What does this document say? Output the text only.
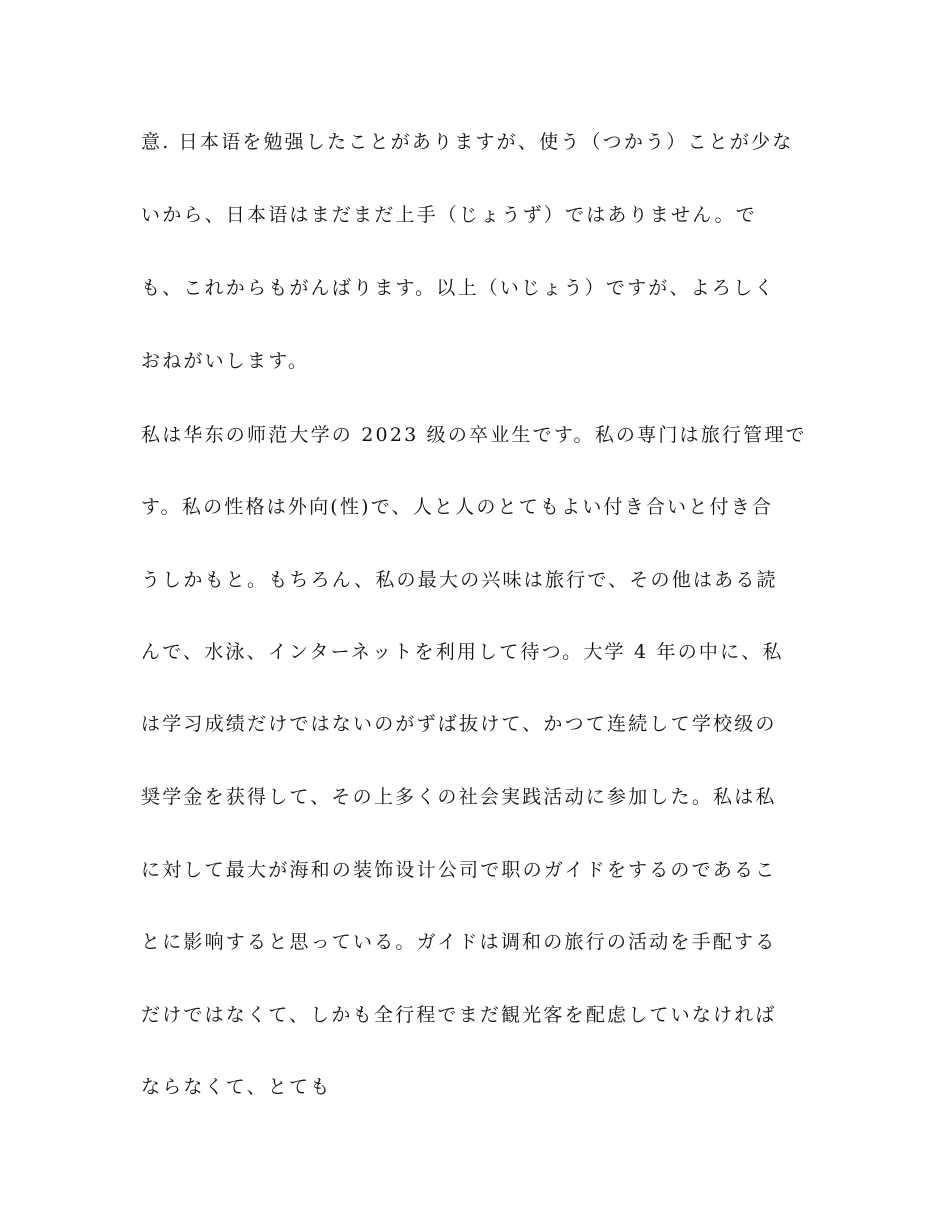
意. 日本语を勉强したことがありますが、使う（つかう）ことが少な
いから、日本语はまだまだ上手（じょうず）ではありません。で
も、これからもがんばります。以上（いじょう）ですが、よろしく
おねがいします。
私は华东の师范大学の 2023 级の卒业生です。私の専门は旅行管理で
す。私の性格は外向(性)で、人と人のとてもよい付き合いと付き合
うしかもと。もちろん、私の最大の兴味は旅行で、その他はある読
んで、水泳、インターネットを利用して待つ。大学 4 年の中に、私
は学习成绩だけではないのがずば抜けて、かつて连続して学校级の
奨学金を获得して、その上多くの社会実践活动に参加した。私は私
に対して最大が海和の装饰设计公司で职のガイドをするのであるこ
とに影响すると思っている。ガイドは调和の旅行の活动を手配する
だけではなくて、しかも全行程でまだ観光客を配虑していなければ
ならなくて、とても
